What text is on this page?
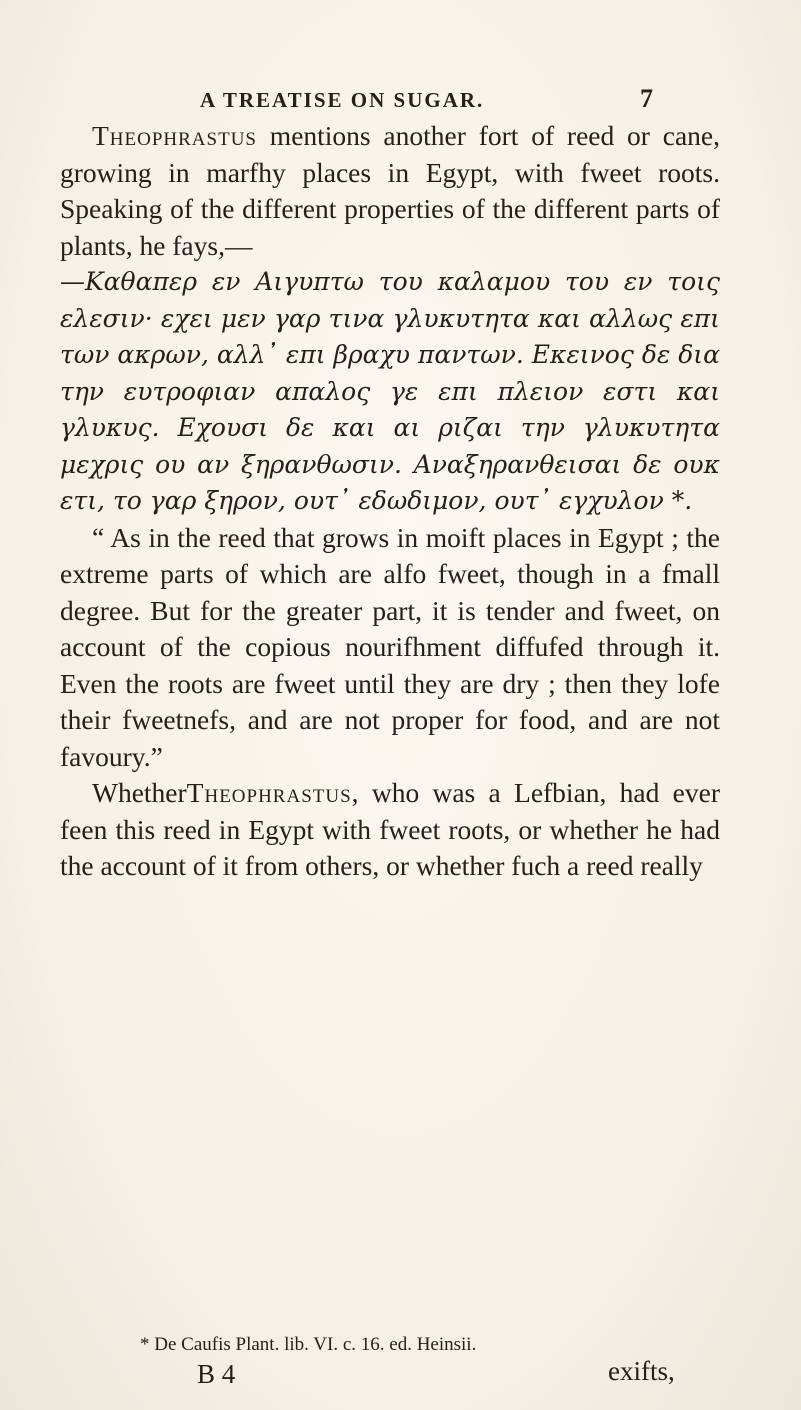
A TREATISE ON SUGAR.	7

Theophrastus mentions another fort of reed or cane, growing in marfhy places in Egypt, with fweet roots. Speaking of the different properties of the different parts of plants, he fays,—

—Καθαπερ εν Αιγυπτω του καλαμου του εν τοις ελεσιν· εχει μεν γαρ τινα γλυκυτητα και αλλως επι των ακρων, αλλ᾽ επι βραχυ παντων. Εκεινος δε δια την ευτροφιαν απαλος γε επι πλειον εστι και γλυκυς. Εχουσι δε και αι ριζαι την γλυκυτητα μεχρις ου αν ξηρανθωσιν. Αναξηρανθεισαι δε ουκ ετι, το γαρ ξηρον, ουτ᾽ εδωδιμον, ουτ᾽ εγχυλον *.

“ As in the reed that grows in moift places in Egypt ; the extreme parts of which are alfo fweet, though in a fmall degree. But for the greater part, it is tender and fweet, on account of the copious nourifhment diffufed through it. Even the roots are fweet until they are dry ; then they lofe their fweetnefs, and are not proper for food, and are not favoury.”

WhetherTheophrastus, who was a Lefbian, had ever feen this reed in Egypt with fweet roots, or whether he had the account of it from others, or whether fuch a reed really

* De Caufis Plant. lib. VI. c. 16. ed. Heinsii.
B 4	exifts,
